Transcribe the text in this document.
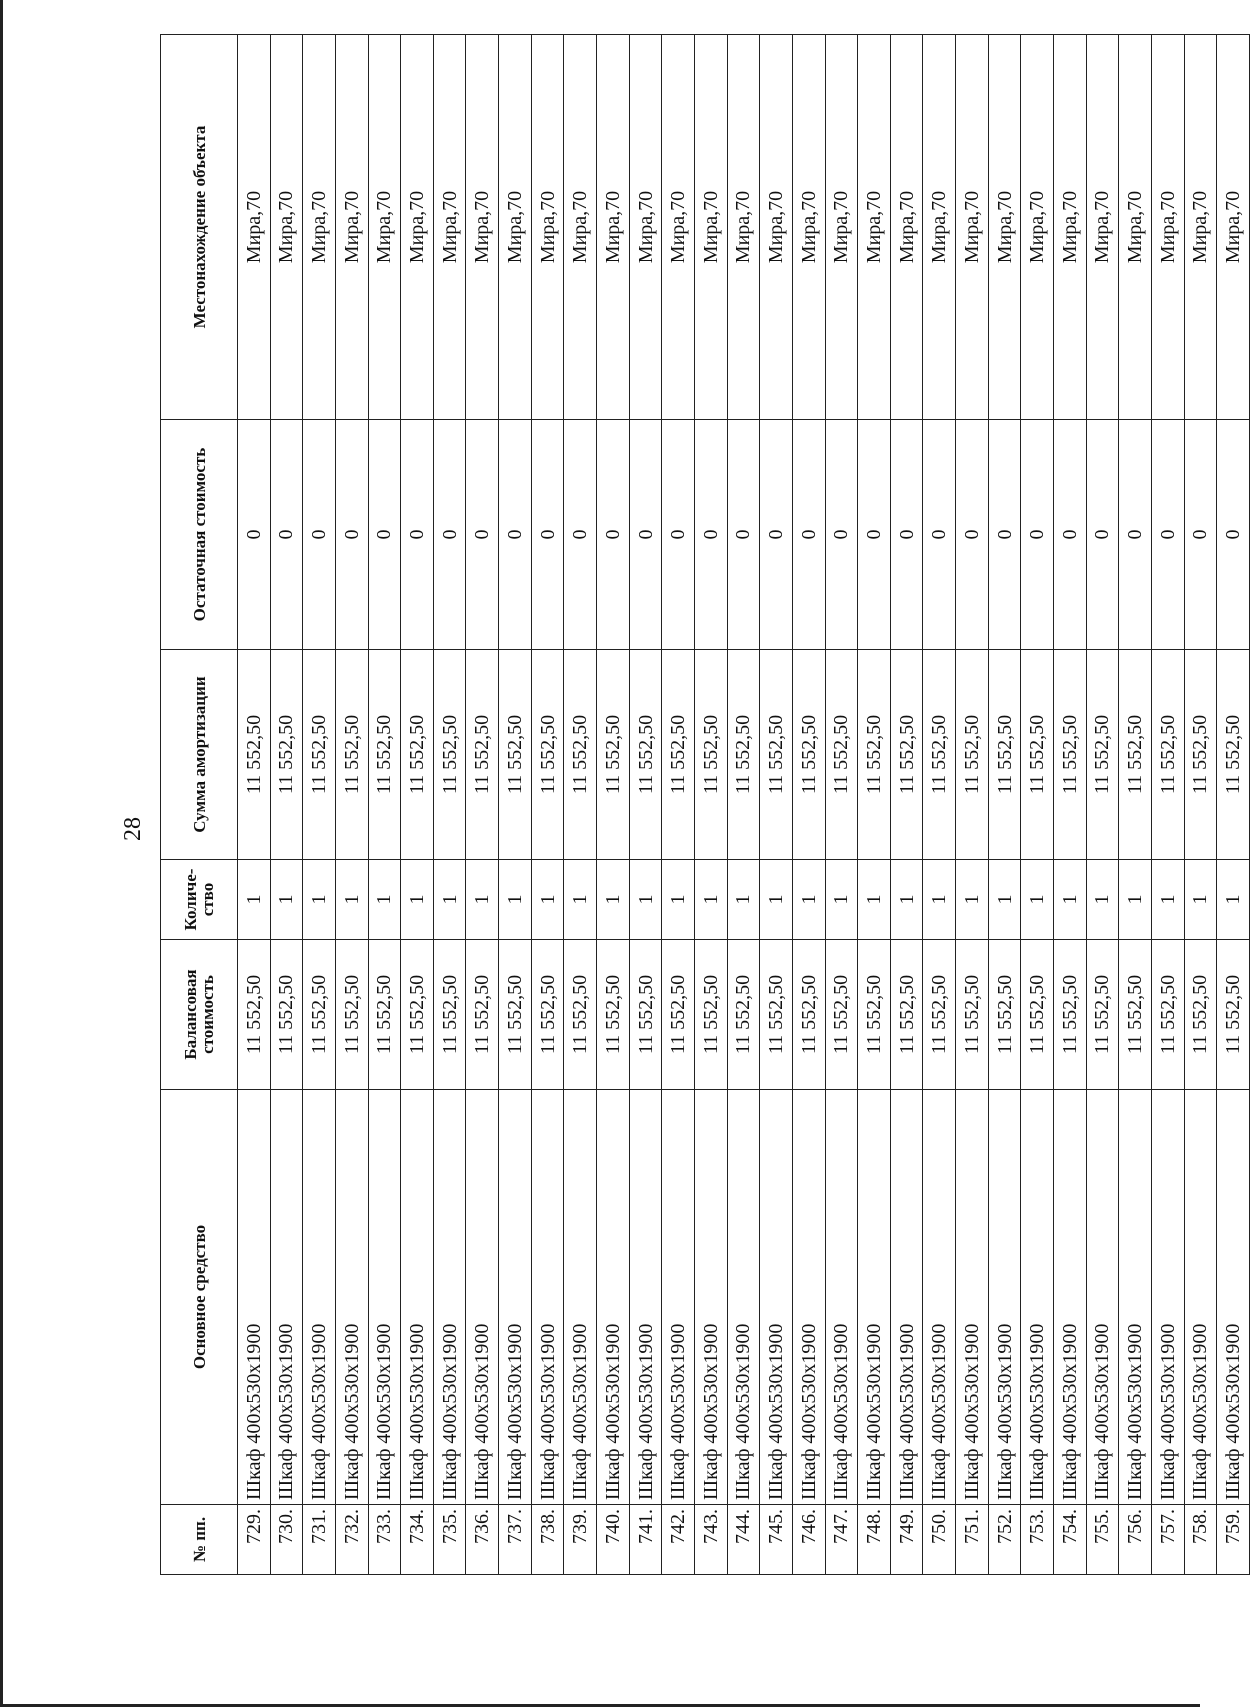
28
№ пп.	Основное средство	Балансовая стоимость	Количе-ство	Сумма амортизации	Остаточная стоимость	Местонахождение объекта
729.	Шкаф 400х530х1900	11 552,50	1	11 552,50	0	Мира,70
730.	Шкаф 400х530х1900	11 552,50	1	11 552,50	0	Мира,70
731.	Шкаф 400х530х1900	11 552,50	1	11 552,50	0	Мира,70
732.	Шкаф 400х530х1900	11 552,50	1	11 552,50	0	Мира,70
733.	Шкаф 400х530х1900	11 552,50	1	11 552,50	0	Мира,70
734.	Шкаф 400х530х1900	11 552,50	1	11 552,50	0	Мира,70
735.	Шкаф 400х530х1900	11 552,50	1	11 552,50	0	Мира,70
736.	Шкаф 400х530х1900	11 552,50	1	11 552,50	0	Мира,70
737.	Шкаф 400х530х1900	11 552,50	1	11 552,50	0	Мира,70
738.	Шкаф 400х530х1900	11 552,50	1	11 552,50	0	Мира,70
739.	Шкаф 400х530х1900	11 552,50	1	11 552,50	0	Мира,70
740.	Шкаф 400х530х1900	11 552,50	1	11 552,50	0	Мира,70
741.	Шкаф 400х530х1900	11 552,50	1	11 552,50	0	Мира,70
742.	Шкаф 400х530х1900	11 552,50	1	11 552,50	0	Мира,70
743.	Шкаф 400х530х1900	11 552,50	1	11 552,50	0	Мира,70
744.	Шкаф 400х530х1900	11 552,50	1	11 552,50	0	Мира,70
745.	Шкаф 400х530х1900	11 552,50	1	11 552,50	0	Мира,70
746.	Шкаф 400х530х1900	11 552,50	1	11 552,50	0	Мира,70
747.	Шкаф 400х530х1900	11 552,50	1	11 552,50	0	Мира,70
748.	Шкаф 400х530х1900	11 552,50	1	11 552,50	0	Мира,70
749.	Шкаф 400х530х1900	11 552,50	1	11 552,50	0	Мира,70
750.	Шкаф 400х530х1900	11 552,50	1	11 552,50	0	Мира,70
751.	Шкаф 400х530х1900	11 552,50	1	11 552,50	0	Мира,70
752.	Шкаф 400х530х1900	11 552,50	1	11 552,50	0	Мира,70
753.	Шкаф 400х530х1900	11 552,50	1	11 552,50	0	Мира,70
754.	Шкаф 400х530х1900	11 552,50	1	11 552,50	0	Мира,70
755.	Шкаф 400х530х1900	11 552,50	1	11 552,50	0	Мира,70
756.	Шкаф 400х530х1900	11 552,50	1	11 552,50	0	Мира,70
757.	Шкаф 400х530х1900	11 552,50	1	11 552,50	0	Мира,70
758.	Шкаф 400х530х1900	11 552,50	1	11 552,50	0	Мира,70
759.	Шкаф 400х530х1900	11 552,50	1	11 552,50	0	Мира,70
